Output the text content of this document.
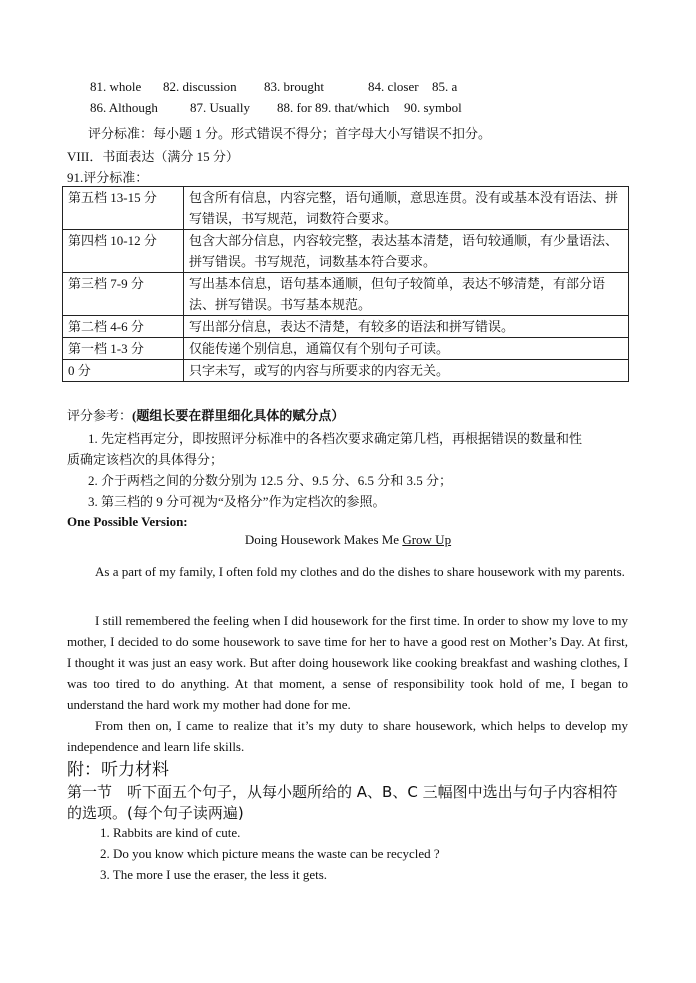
81. whole 82. discussion 83. brought	84. closer 85. a
86. Although 87. Usually 88. for 89. that/which 90. symbol
评分标准：每小题 1 分。形式错误不得分；首字母大小写错误不扣分。
VIII．书面表达（满分 15 分）
91.评分标准：
第五档 13-15 分	包含所有信息，内容完整，语句通顺，意思连贯。没有或基本没有语法、拼写错误，书写规范，词数符合要求。
第四档 10-12 分	包含大部分信息，内容较完整，表达基本清楚，语句较通顺，有少量语法、拼写错误。书写规范，词数基本符合要求。
第三档 7-9 分	写出基本信息，语句基本通顺，但句子较简单，表达不够清楚，有部分语法、拼写错误。书写基本规范。
第二档 4-6 分	写出部分信息，表达不清楚，有较多的语法和拼写错误。
第一档 1-3 分	仅能传递个别信息，通篇仅有个别句子可读。
0 分	只字未写，或写的内容与所要求的内容无关。
评分参考：(题组长要在群里细化具体的赋分点）
1. 先定档再定分，即按照评分标准中的各档次要求确定第几档，再根据错误的数量和性
质确定该档次的具体得分；
2. 介于两档之间的分数分别为 12.5 分、9.5 分、6.5 分和 3.5 分；
3. 第三档的 9 分可视为“及格分”作为定档次的参照。
One Possible Version:
Doing Housework Makes Me Grow Up

As a part of my family, I often fold my clothes and do the dishes to share housework with my parents.

I still remembered the feeling when I did housework for the first time. In order to show my love to my mother, I decided to do some housework to save time for her to have a good rest on Mother’s Day. At first, I thought it was just an easy work. But after doing housework like cooking breakfast and washing clothes, I was too tired to do anything. At that moment, a sense of responsibility took hold of me, I began to understand the hard work my mother had done for me.

From then on, I came to realize that it’s my duty to share housework, which helps to develop my independence and learn life skills.

附：听力材料
第一节　听下面五个句子，从每小题所给的 A、B、C 三幅图中选出与句子内容相符的选项。(每个句子读两遍)
1. Rabbits are kind of cute.
2. Do you know which picture means the waste can be recycled ?
3. The more I use the eraser, the less it gets.
